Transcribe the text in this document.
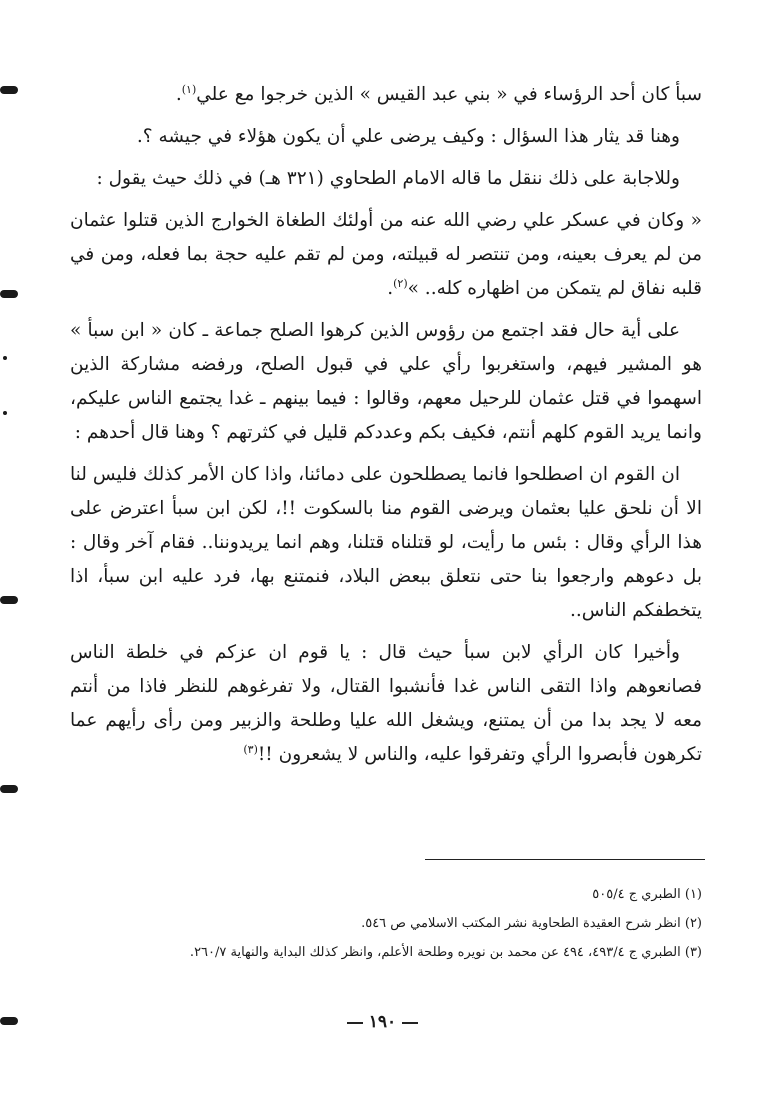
سبأ كان أحد الرؤساء في « بني عبد القيس » الذين خرجوا مع علي$^{(١)}$.

وهنا قد يثار هذا السؤال : وكيف يرضى علي أن يكون هؤلاء في جيشه ؟.

وللاجابة على ذلك ننقل ما قاله الامام الطحاوي (٣٢١ هـ) في ذلك حيث يقول :

« وكان في عسكر علي رضي الله عنه من أولئك الطغاة الخوارج الذين قتلوا عثمان من لم يعرف بعينه، ومن تنتصر له قبيلته، ومن لم تقم عليه حجة بما فعله، ومن في قلبه نفاق لم يتمكن من اظهاره كله.. »$^{(٢)}$.

على أية حال فقد اجتمع من رؤوس الذين كرهوا الصلح جماعة ـ كان « ابن سبأ » هو المشير فيهم، واستغربوا رأي علي في قبول الصلح، ورفضه مشاركة الذين اسهموا في قتل عثمان للرحيل معهم، وقالوا : فيما بينهم ـ غدا يجتمع الناس عليكم، وانما يريد القوم كلهم أنتم، فكيف بكم وعددكم قليل في كثرتهم ؟ وهنا قال أحدهم :

ان القوم ان اصطلحوا فانما يصطلحون على دمائنا، واذا كان الأمر كذلك فليس لنا الا أن نلحق عليا بعثمان ويرضى القوم منا بالسكوت !!، لكن ابن سبأ اعترض على هذا الرأي وقال : بئس ما رأيت، لو قتلناه قتلنا، وهم انما يريدوننا.. فقام آخر وقال : بل دعوهم وارجعوا بنا حتى نتعلق ببعض البلاد، فنمتنع بها، فرد عليه ابن سبأ، اذا يتخطفكم الناس..

وأخيرا كان الرأي لابن سبأ حيث قال : يا قوم ان عزكم في خلطة الناس فصانعوهم واذا التقى الناس غدا فأنشبوا القتال، ولا تفرغوهم للنظر فاذا من أنتم معه لا يجد بدا من أن يمتنع، ويشغل الله عليا وطلحة والزبير ومن رأى رأيهم عما تكرهون فأبصروا الرأي وتفرقوا عليه، والناس لا يشعرون !!$^{(٣)}$

(١) الطبري ج ٥٠٥/٤

(٢) انظر شرح العقيدة الطحاوية نشر المكتب الاسلامي ص ٥٤٦.

(٣) الطبري ج ٤٩٣/٤، ٤٩٤ عن محمد بن نويره وطلحة الأعلم، وانظر كذلك البداية والنهاية ٢٦٠/٧.

١٩٠
